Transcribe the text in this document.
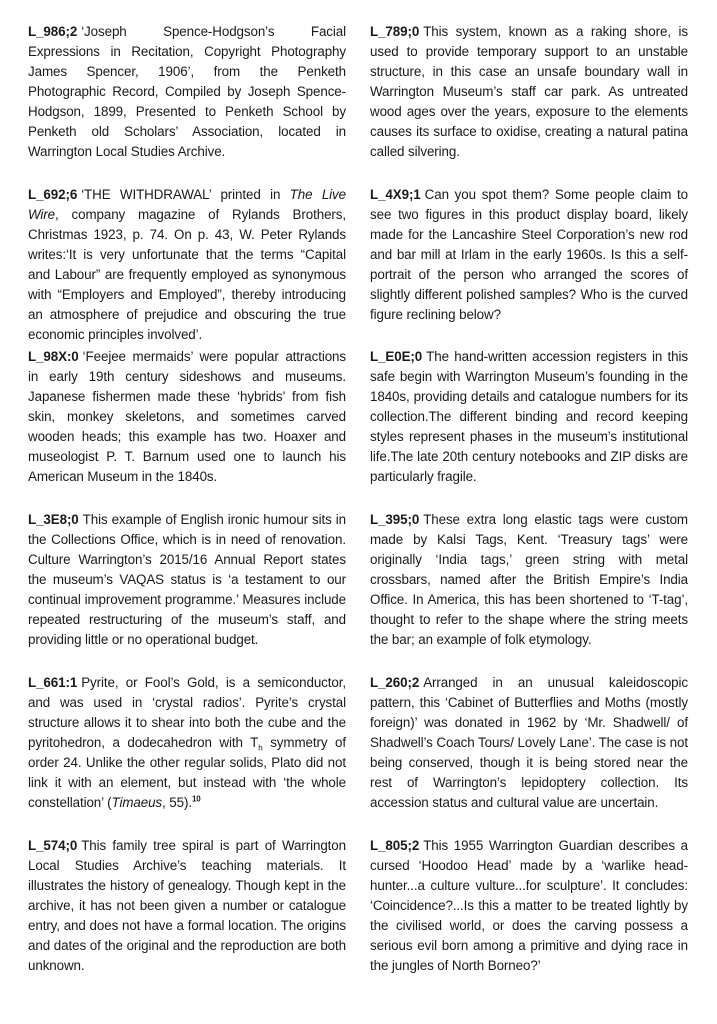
L_986;2 ‘Joseph Spence-Hodgson’s Facial Expressions in Recitation, Copyright Photography James Spencer, 1906’, from the Penketh Photographic Record, Compiled by Joseph Spence-Hodgson, 1899, Presented to Penketh School by Penketh old Scholars’ Association, located in Warrington Local Studies Archive.

L_692;6 ‘THE WITHDRAWAL’ printed in The Live Wire, company magazine of Rylands Brothers, Christmas 1923, p. 74. On p. 43, W. Peter Rylands writes:‘It is very unfortunate that the terms “Capital and Labour” are frequently employed as synonymous with “Employers and Employed”, thereby introducing an atmosphere of prejudice and obscuring the true economic principles involved’.

L_98X:0 ‘Feejee mermaids’ were popular attractions in early 19th century sideshows and museums. Japanese fishermen made these ‘hybrids’ from fish skin, monkey skeletons, and sometimes carved wooden heads; this example has two. Hoaxer and museologist P. T. Barnum used one to launch his American Museum in the 1840s.

L_3E8;0 This example of English ironic humour sits in the Collections Office, which is in need of renovation. Culture Warrington’s 2015/16 Annual Report states the museum’s VAQAS status is ‘a testament to our continual improvement programme.’ Measures include repeated restructuring of the museum’s staff, and providing little or no operational budget.

L_661:1 Pyrite, or Fool’s Gold, is a semiconductor, and was used in ‘crystal radios’. Pyrite’s crystal structure allows it to shear into both the cube and the pyritohedron, a dodecahedron with $T_h$ symmetry of order 24. Unlike the other regular solids, Plato did not link it with an element, but instead with ‘the whole constellation’ (Timaeus, 55).$^{10}$

L_574;0 This family tree spiral is part of Warrington Local Studies Archive’s teaching materials. It illustrates the history of genealogy. Though kept in the archive, it has not been given a number or catalogue entry, and does not have a formal location. The origins and dates of the original and the reproduction are both unknown.

L_789;0 This system, known as a raking shore, is used to provide temporary support to an unstable structure, in this case an unsafe boundary wall in Warrington Museum’s staff car park. As untreated wood ages over the years, exposure to the elements causes its surface to oxidise, creating a natural patina called silvering.

L_4X9;1 Can you spot them? Some people claim to see two figures in this product display board, likely made for the Lancashire Steel Corporation’s new rod and bar mill at Irlam in the early 1960s. Is this a self-portrait of the person who arranged the scores of slightly different polished samples? Who is the curved figure reclining below?

L_E0E;0 The hand-written accession registers in this safe begin with Warrington Museum’s founding in the 1840s, providing details and catalogue numbers for its collection.The different binding and record keeping styles represent phases in the museum’s institutional life.The late 20th century notebooks and ZIP disks are particularly fragile.

L_395;0 These extra long elastic tags were custom made by Kalsi Tags, Kent. ‘Treasury tags’ were originally ‘India tags,’ green string with metal crossbars, named after the British Empire’s India Office. In America, this has been shortened to ‘T-tag’, thought to refer to the shape where the string meets the bar; an example of folk etymology.

L_260;2 Arranged in an unusual kaleidoscopic pattern, this ‘Cabinet of Butterflies and Moths (mostly foreign)’ was donated in 1962 by ‘Mr. Shadwell/ of Shadwell’s Coach Tours/ Lovely Lane’. The case is not being conserved, though it is being stored near the rest of Warrington’s lepidoptery collection. Its accession status and cultural value are uncertain.

L_805;2 This 1955 Warrington Guardian describes a cursed ‘Hoodoo Head’ made by a ‘warlike head-hunter...a culture vulture...for sculpture’. It concludes: ‘Coincidence?...Is this a matter to be treated lightly by the civilised world, or does the carving possess a serious evil born among a primitive and dying race in the jungles of North Borneo?’
